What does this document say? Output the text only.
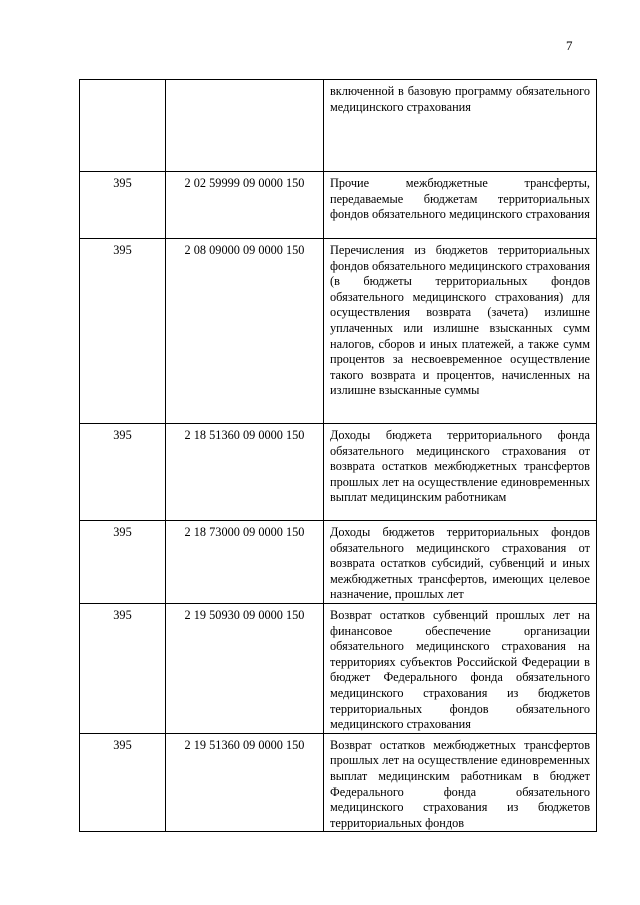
7
		включенной в базовую программу обязательного медицинского страхования
395	2 02 59999 09 0000 150	Прочие межбюджетные трансферты, передаваемые бюджетам территориальных фондов обязательного медицинского страхования
395	2 08 09000 09 0000 150	Перечисления из бюджетов территориальных фондов обязательного медицинского страхования (в бюджеты территориальных фондов обязательного медицинского страхования) для осуществления возврата (зачета) излишне уплаченных или излишне взысканных сумм налогов, сборов и иных платежей, а также сумм процентов за несвоевременное осуществление такого возврата и процентов, начисленных на излишне взысканные суммы
395	2 18 51360 09 0000 150	Доходы бюджета территориального фонда обязательного медицинского страхования от возврата остатков межбюджетных трансфертов прошлых лет на осуществление единовременных выплат медицинским работникам
395	2 18 73000 09 0000 150	Доходы бюджетов территориальных фондов обязательного медицинского страхования от возврата остатков субсидий, субвенций и иных межбюджетных трансфертов, имеющих целевое назначение, прошлых лет
395	2 19 50930 09 0000 150	Возврат остатков субвенций прошлых лет на финансовое обеспечение организации обязательного медицинского страхования на территориях субъектов Российской Федерации в бюджет Федерального фонда обязательного медицинского страхования из бюджетов территориальных фондов обязательного медицинского страхования
395	2 19 51360 09 0000 150	Возврат остатков межбюджетных трансфертов прошлых лет на осуществление единовременных выплат медицинским работникам в бюджет Федерального фонда обязательного медицинского страхования из бюджетов территориальных фондов
